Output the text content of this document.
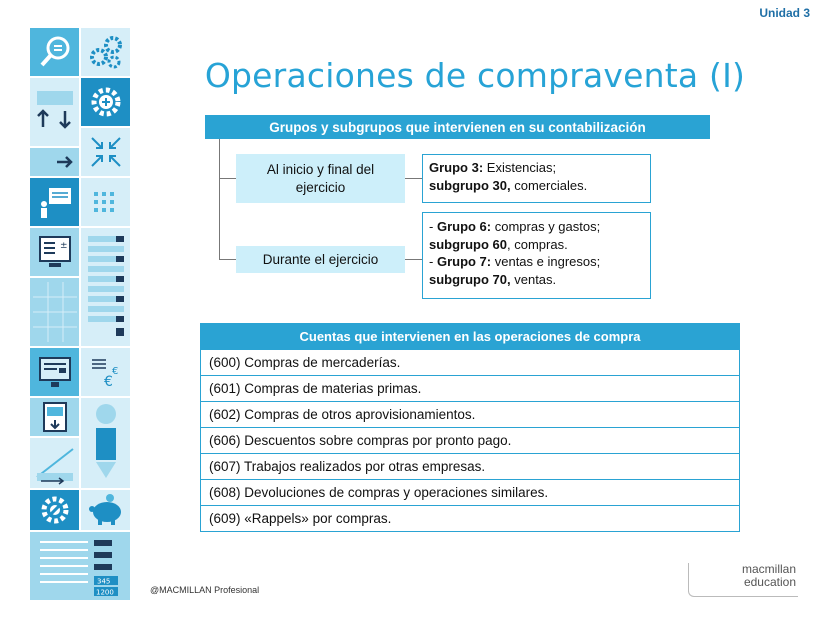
Unidad 3
±
€
€
345
1200
Operaciones de compraventa (I)
Grupos y subgrupos que intervienen en su contabilización
Al inicio y final del ejercicio
Grupo 3: Existencias;
subgrupo 30, comerciales.
Durante el ejercicio
- Grupo 6: compras y gastos;
subgrupo 60, compras.
- Grupo 7: ventas e ingresos;
subgrupo 70, ventas.
Cuentas que intervienen en las operaciones de compra
(600) Compras de mercaderías.
(601) Compras de materias primas.
(602) Compras de otros aprovisionamientos.
(606) Descuentos sobre compras por pronto pago.
(607) Trabajos realizados por otras empresas.
(608) Devoluciones de compras y operaciones similares.
(609) «Rappels» por compras.
@MACMILLAN Profesional
macmillan
education
